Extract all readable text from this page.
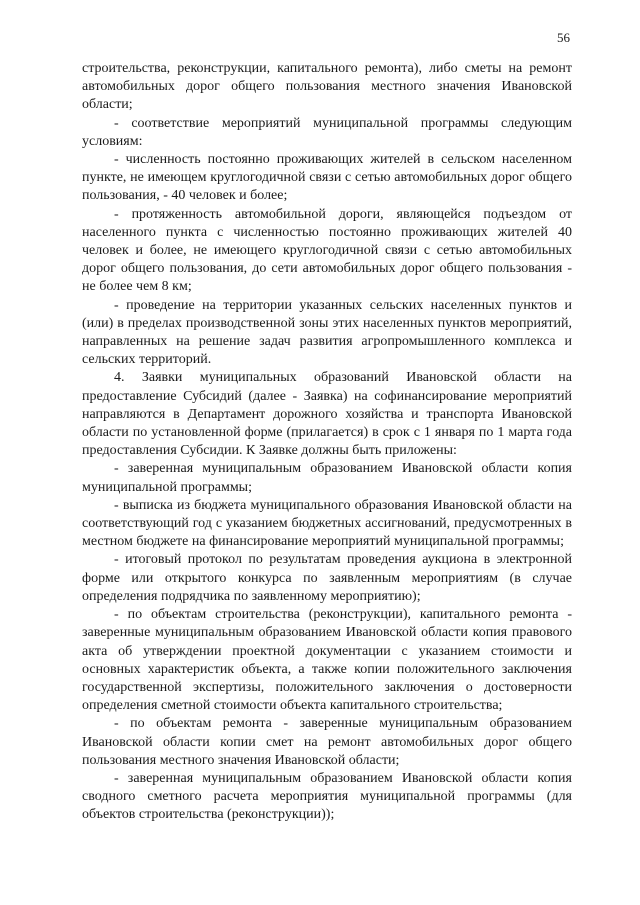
56

строительства, реконструкции, капитального ремонта), либо сметы на ремонт автомобильных дорог общего пользования местного значения Ивановской области;

- соответствие мероприятий муниципальной программы следующим условиям:

- численность постоянно проживающих жителей в сельском населенном пункте, не имеющем круглогодичной связи с сетью автомобильных дорог общего пользования, - 40 человек и более;

- протяженность автомобильной дороги, являющейся подъездом от населенного пункта с численностью постоянно проживающих жителей 40 человек и более, не имеющего круглогодичной связи с сетью автомобильных дорог общего пользования, до сети автомобильных дорог общего пользования - не более чем 8 км;

- проведение на территории указанных сельских населенных пунктов и (или) в пределах производственной зоны этих населенных пунктов мероприятий, направленных на решение задач развития агропромышленного комплекса и сельских территорий.

4. Заявки муниципальных образований Ивановской области на предоставление Субсидий (далее - Заявка) на софинансирование мероприятий направляются в Департамент дорожного хозяйства и транспорта Ивановской области по установленной форме (прилагается) в срок с 1 января по 1 марта года предоставления Субсидии. К Заявке должны быть приложены:

- заверенная муниципальным образованием Ивановской области копия муниципальной программы;

- выписка из бюджета муниципального образования Ивановской области на соответствующий год с указанием бюджетных ассигнований, предусмотренных в местном бюджете на финансирование мероприятий муниципальной программы;

- итоговый протокол по результатам проведения аукциона в электронной форме или открытого конкурса по заявленным мероприятиям (в случае определения подрядчика по заявленному мероприятию);

- по объектам строительства (реконструкции), капитального ремонта - заверенные муниципальным образованием Ивановской области копия правового акта об утверждении проектной документации с указанием стоимости и основных характеристик объекта, а также копии положительного заключения государственной экспертизы, положительного заключения о достоверности определения сметной стоимости объекта капитального строительства;

- по объектам ремонта - заверенные муниципальным образованием Ивановской области копии смет на ремонт автомобильных дорог общего пользования местного значения Ивановской области;

- заверенная муниципальным образованием Ивановской области копия сводного сметного расчета мероприятия муниципальной программы (для объектов строительства (реконструкции));
